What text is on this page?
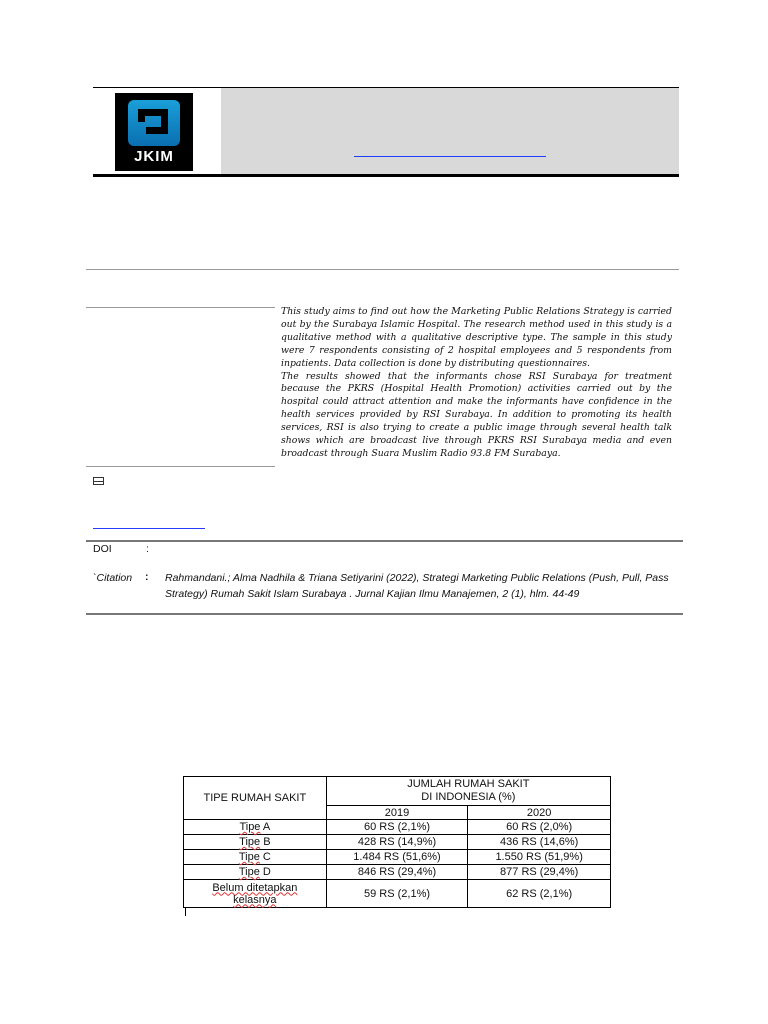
JKIM

This study aims to find out how the Marketing Public Relations Strategy is carried out by the Surabaya Islamic Hospital. The research method used in this study is a qualitative method with a qualitative descriptive type. The sample in this study were 7 respondents consisting of 2 hospital employees and 5 respondents from inpatients. Data collection is done by distributing questionnaires.

The results showed that the informants chose RSI Surabaya for treatment because the PKRS (Hospital Health Promotion) activities carried out by the hospital could attract attention and make the informants have confidence in the health services provided by RSI Surabaya. In addition to promoting its health services, RSI is also trying to create a public image through several health talk shows which are broadcast live through PKRS RSI Surabaya media and even broadcast through Suara Muslim Radio 93.8 FM Surabaya.

DOI	:
`Citation : Rahmandani.; Alma Nadhila & Triana Setiyarini (2022), Strategi Marketing Public Relations (Push, Pull, Pass Strategy) Rumah Sakit Islam Surabaya . Jurnal Kajian Ilmu Manajemen, 2 (1), hlm. 44-49
TIPE RUMAH SAKIT	JUMLAH RUMAH SAKIT
DI INDONESIA (%)	

	2019	2020
Tipe A	60 RS (2,1%)	60 RS (2,0%)
Tipe B	428 RS (14,9%)	436 RS (14,6%)
Tipe C	1.484 RS (51,6%)	1.550 RS (51,9%)
Tipe D	846 RS (29,4%)	877 RS (29,4%)

Belum ditetapkan
kelasnya	59 RS (2,1%)	62 RS (2,1%)
